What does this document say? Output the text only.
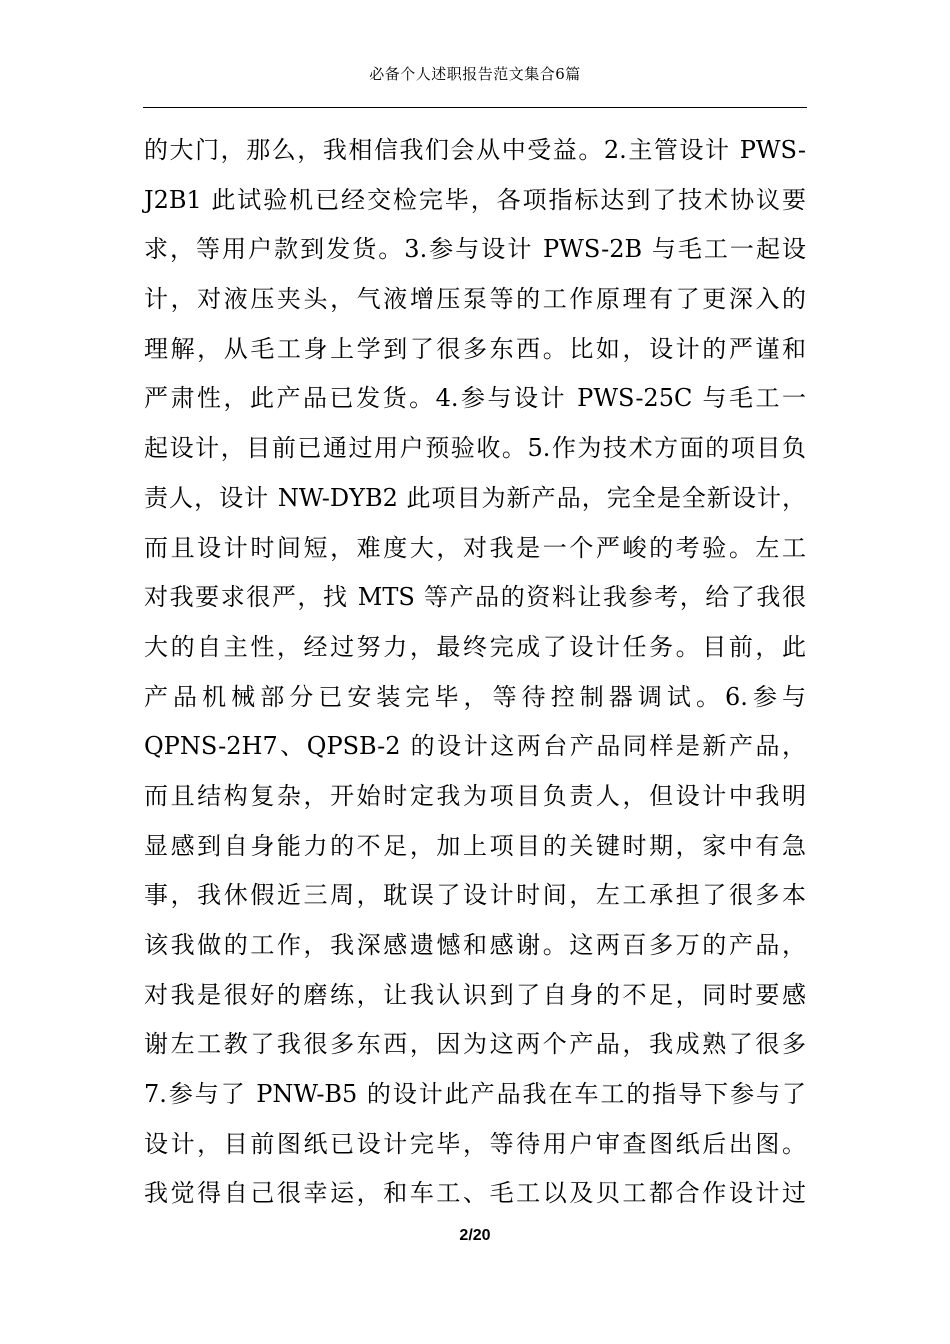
必备个人述职报告范文集合6篇
的大门，那么，我相信我们会从中受益。2.主管设计 PWS-
J2B1 此试验机已经交检完毕，各项指标达到了技术协议要
求，等用户款到发货。3.参与设计 PWS-2B 与毛工一起设
计，对液压夹头，气液增压泵等的工作原理有了更深入的
理解，从毛工身上学到了很多东西。比如，设计的严谨和
严肃性，此产品已发货。4.参与设计 PWS-25C 与毛工一
起设计，目前已通过用户预验收。5.作为技术方面的项目负
责人，设计 NW-DYB2 此项目为新产品，完全是全新设计，
而且设计时间短，难度大，对我是一个严峻的考验。左工
对我要求很严，找 MTS 等产品的资料让我参考，给了我很
大的自主性，经过努力，最终完成了设计任务。目前，此
产品机械部分已安装完毕，等待控制器调试。6.参与
QPNS-2H7、QPSB-2 的设计这两台产品同样是新产品，
而且结构复杂，开始时定我为项目负责人，但设计中我明
显感到自身能力的不足，加上项目的关键时期，家中有急
事，我休假近三周，耽误了设计时间，左工承担了很多本
该我做的工作，我深感遗憾和感谢。这两百多万的产品，
对我是很好的磨练，让我认识到了自身的不足，同时要感
谢左工教了我很多东西，因为这两个产品，我成熟了很多
7.参与了 PNW-B5 的设计此产品我在车工的指导下参与了
设计，目前图纸已设计完毕，等待用户审查图纸后出图。
我觉得自己很幸运，和车工、毛工以及贝工都合作设计过
2/20
